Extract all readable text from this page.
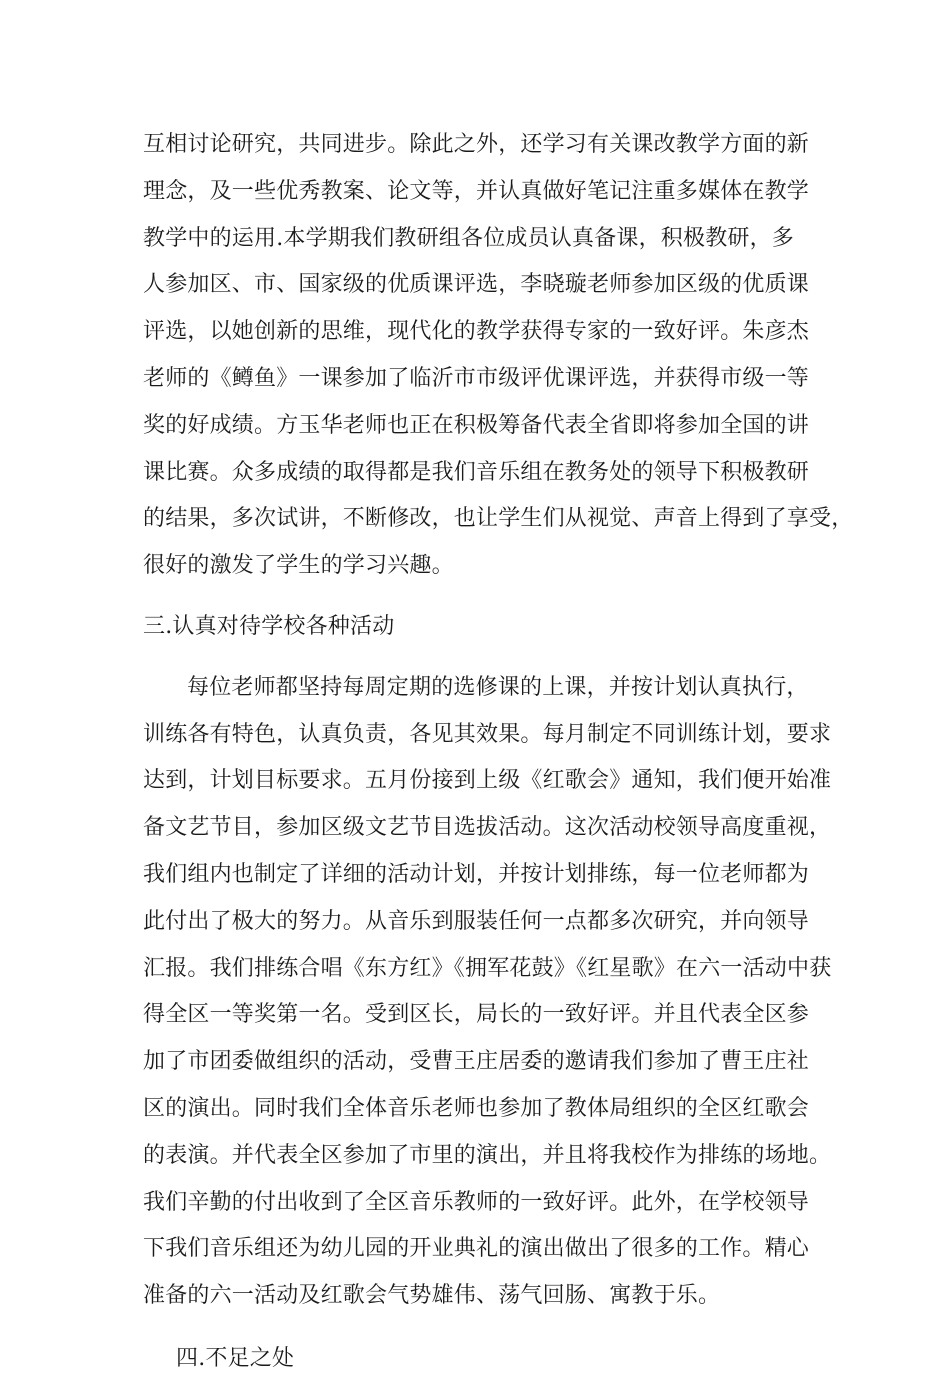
互相讨论研究，共同进步。除此之外，还学习有关课改教学方面的新
理念，及一些优秀教案、论文等，并认真做好笔记注重多媒体在教学
教学中的运用.本学期我们教研组各位成员认真备课，积极教研，多
人参加区、市、国家级的优质课评选，李晓璇老师参加区级的优质课
评选，以她创新的思维，现代化的教学获得专家的一致好评。朱彦杰
老师的《鳟鱼》一课参加了临沂市市级评优课评选，并获得市级一等
奖的好成绩。方玉华老师也正在积极筹备代表全省即将参加全国的讲
课比赛。众多成绩的取得都是我们音乐组在教务处的领导下积极教研
的结果，多次试讲，不断修改，也让学生们从视觉、声音上得到了享受，
很好的激发了学生的学习兴趣。
三.认真对待学校各种活动
每位老师都坚持每周定期的选修课的上课，并按计划认真执行，
训练各有特色，认真负责，各见其效果。每月制定不同训练计划，要求
达到，计划目标要求。五月份接到上级《红歌会》通知，我们便开始准
备文艺节目，参加区级文艺节目选拔活动。这次活动校领导高度重视，
我们组内也制定了详细的活动计划，并按计划排练，每一位老师都为
此付出了极大的努力。从音乐到服装任何一点都多次研究，并向领导
汇报。我们排练合唱《东方红》《拥军花鼓》《红星歌》在六一活动中获
得全区一等奖第一名。受到区长，局长的一致好评。并且代表全区参
加了市团委做组织的活动，受曹王庄居委的邀请我们参加了曹王庄社
区的演出。同时我们全体音乐老师也参加了教体局组织的全区红歌会
的表演。并代表全区参加了市里的演出，并且将我校作为排练的场地。
我们辛勤的付出收到了全区音乐教师的一致好评。此外，在学校领导
下我们音乐组还为幼儿园的开业典礼的演出做出了很多的工作。精心
准备的六一活动及红歌会气势雄伟、荡气回肠、寓教于乐。
四.不足之处
